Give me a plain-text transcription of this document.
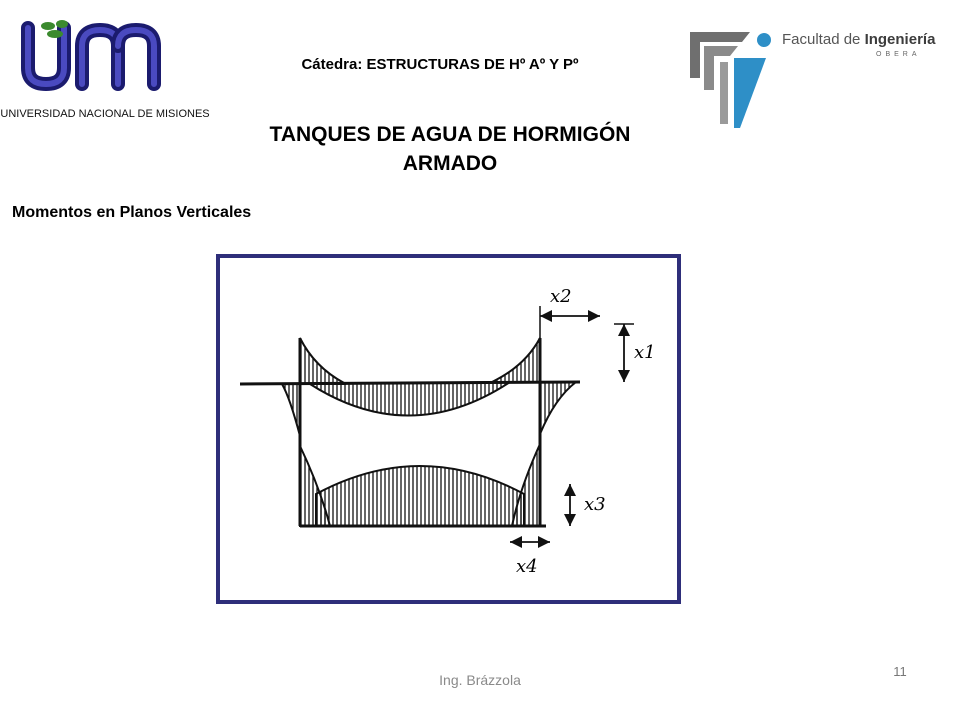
UNIVERSIDAD NACIONAL DE MISIONES
Cátedra: ESTRUCTURAS DE Hº Aº Y Pº
Facultad de Ingeniería
OBERA
TANQUES DE AGUA DE HORMIGÓN ARMADO
Momentos en Planos Verticales
x2
x1
x3
x4
Ing. Brázzola
11
